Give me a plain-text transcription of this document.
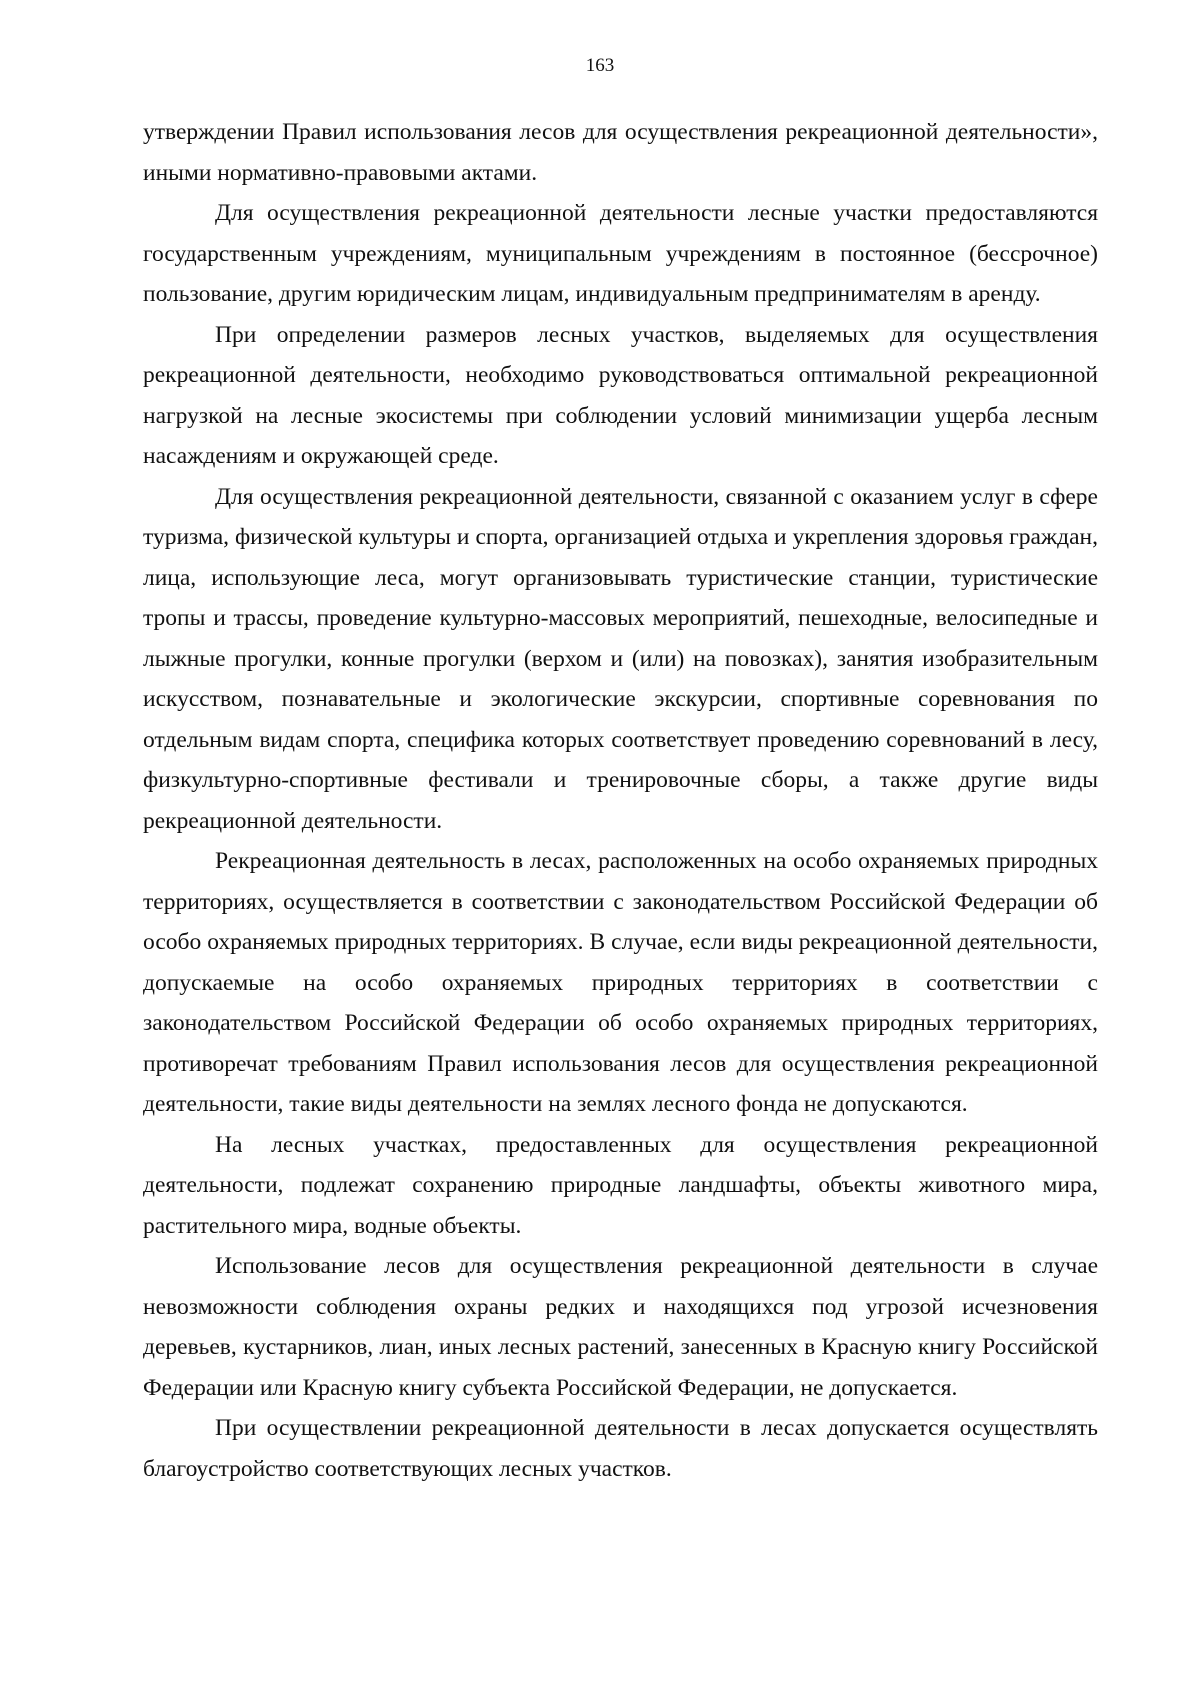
163

утверждении Правил использования лесов для осуществления рекреационной деятельности», иными нормативно-правовыми актами.

Для осуществления рекреационной деятельности лесные участки предоставляются государственным учреждениям, муниципальным учреждениям в постоянное (бессрочное) пользование, другим юридическим лицам, индивидуальным предпринимателям в аренду.

При определении размеров лесных участков, выделяемых для осуществления рекреационной деятельности, необходимо руководствоваться оптимальной рекреационной нагрузкой на лесные экосистемы при соблюдении условий минимизации ущерба лесным насаждениям и окружающей среде.

Для осуществления рекреационной деятельности, связанной с оказанием услуг в сфере туризма, физической культуры и спорта, организацией отдыха и укрепления здоровья граждан, лица, использующие леса, могут организовывать туристические станции, туристические тропы и трассы, проведение культурно-массовых мероприятий, пешеходные, велосипедные и лыжные прогулки, конные прогулки (верхом и (или) на повозках), занятия изобразительным искусством, познавательные и экологические экскурсии, спортивные соревнования по отдельным видам спорта, специфика которых соответствует проведению соревнований в лесу, физкультурно-спортивные фестивали и тренировочные сборы, а также другие виды рекреационной деятельности.

Рекреационная деятельность в лесах, расположенных на особо охраняемых природных территориях, осуществляется в соответствии с законодательством Российской Федерации об особо охраняемых природных территориях. В случае, если виды рекреационной деятельности, допускаемые на особо охраняемых природных территориях в соответствии с законодательством Российской Федерации об особо охраняемых природных территориях, противоречат требованиям Правил использования лесов для осуществления рекреационной деятельности, такие виды деятельности на землях лесного фонда не допускаются.

На лесных участках, предоставленных для осуществления рекреационной деятельности, подлежат сохранению природные ландшафты, объекты животного мира, растительного мира, водные объекты.

Использование лесов для осуществления рекреационной деятельности в случае невозможности соблюдения охраны редких и находящихся под угрозой исчезновения деревьев, кустарников, лиан, иных лесных растений, занесенных в Красную книгу Российской Федерации или Красную книгу субъекта Российской Федерации, не допускается.

При осуществлении рекреационной деятельности в лесах допускается осуществлять благоустройство соответствующих лесных участков.
